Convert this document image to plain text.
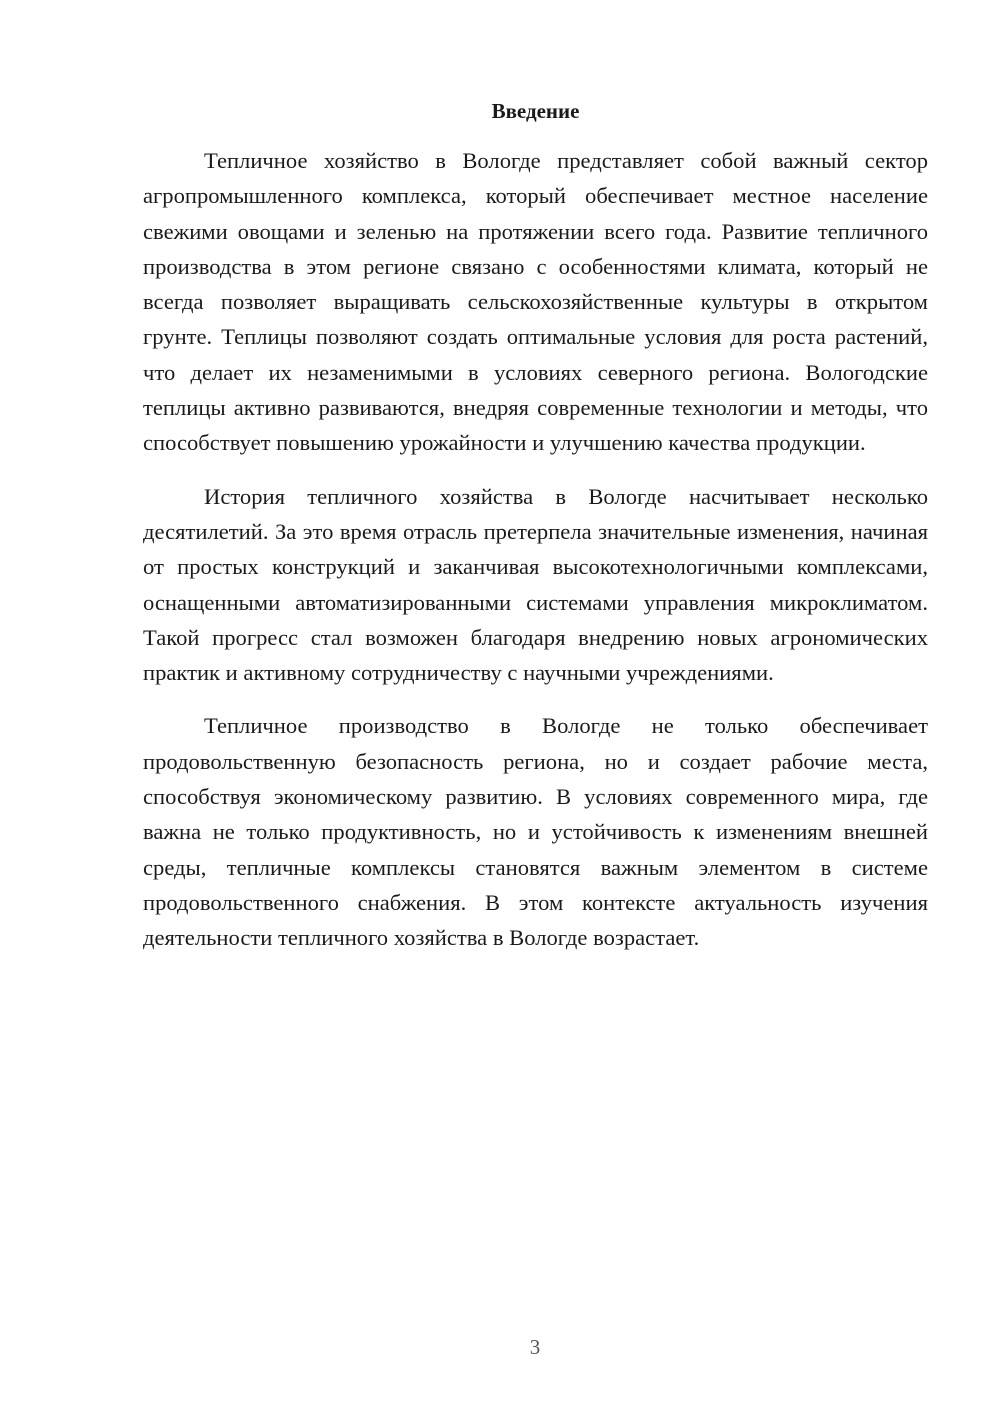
Введение

Тепличное хозяйство в Вологде представляет собой важный сектор агропромышленного комплекса, который обеспечивает местное население свежими овощами и зеленью на протяжении всего года. Развитие тепличного производства в этом регионе связано с особенностями климата, который не всегда позволяет выращивать сельскохозяйственные культуры в открытом грунте. Теплицы позволяют создать оптимальные условия для роста растений, что делает их незаменимыми в условиях северного региона. Вологодские теплицы активно развиваются, внедряя современные технологии и методы, что способствует повышению урожайности и улучшению качества продукции.

История тепличного хозяйства в Вологде насчитывает несколько десятилетий. За это время отрасль претерпела значительные изменения, начиная от простых конструкций и заканчивая высокотехнологичными комплексами, оснащенными автоматизированными системами управления микроклиматом. Такой прогресс стал возможен благодаря внедрению новых агрономических практик и активному сотрудничеству с научными учреждениями.

Тепличное производство в Вологде не только обеспечивает продовольственную безопасность региона, но и создает рабочие места, способствуя экономическому развитию. В условиях современного мира, где важна не только продуктивность, но и устойчивость к изменениям внешней среды, тепличные комплексы становятся важным элементом в системе продовольственного снабжения. В этом контексте актуальность изучения деятельности тепличного хозяйства в Вологде возрастает.

3
